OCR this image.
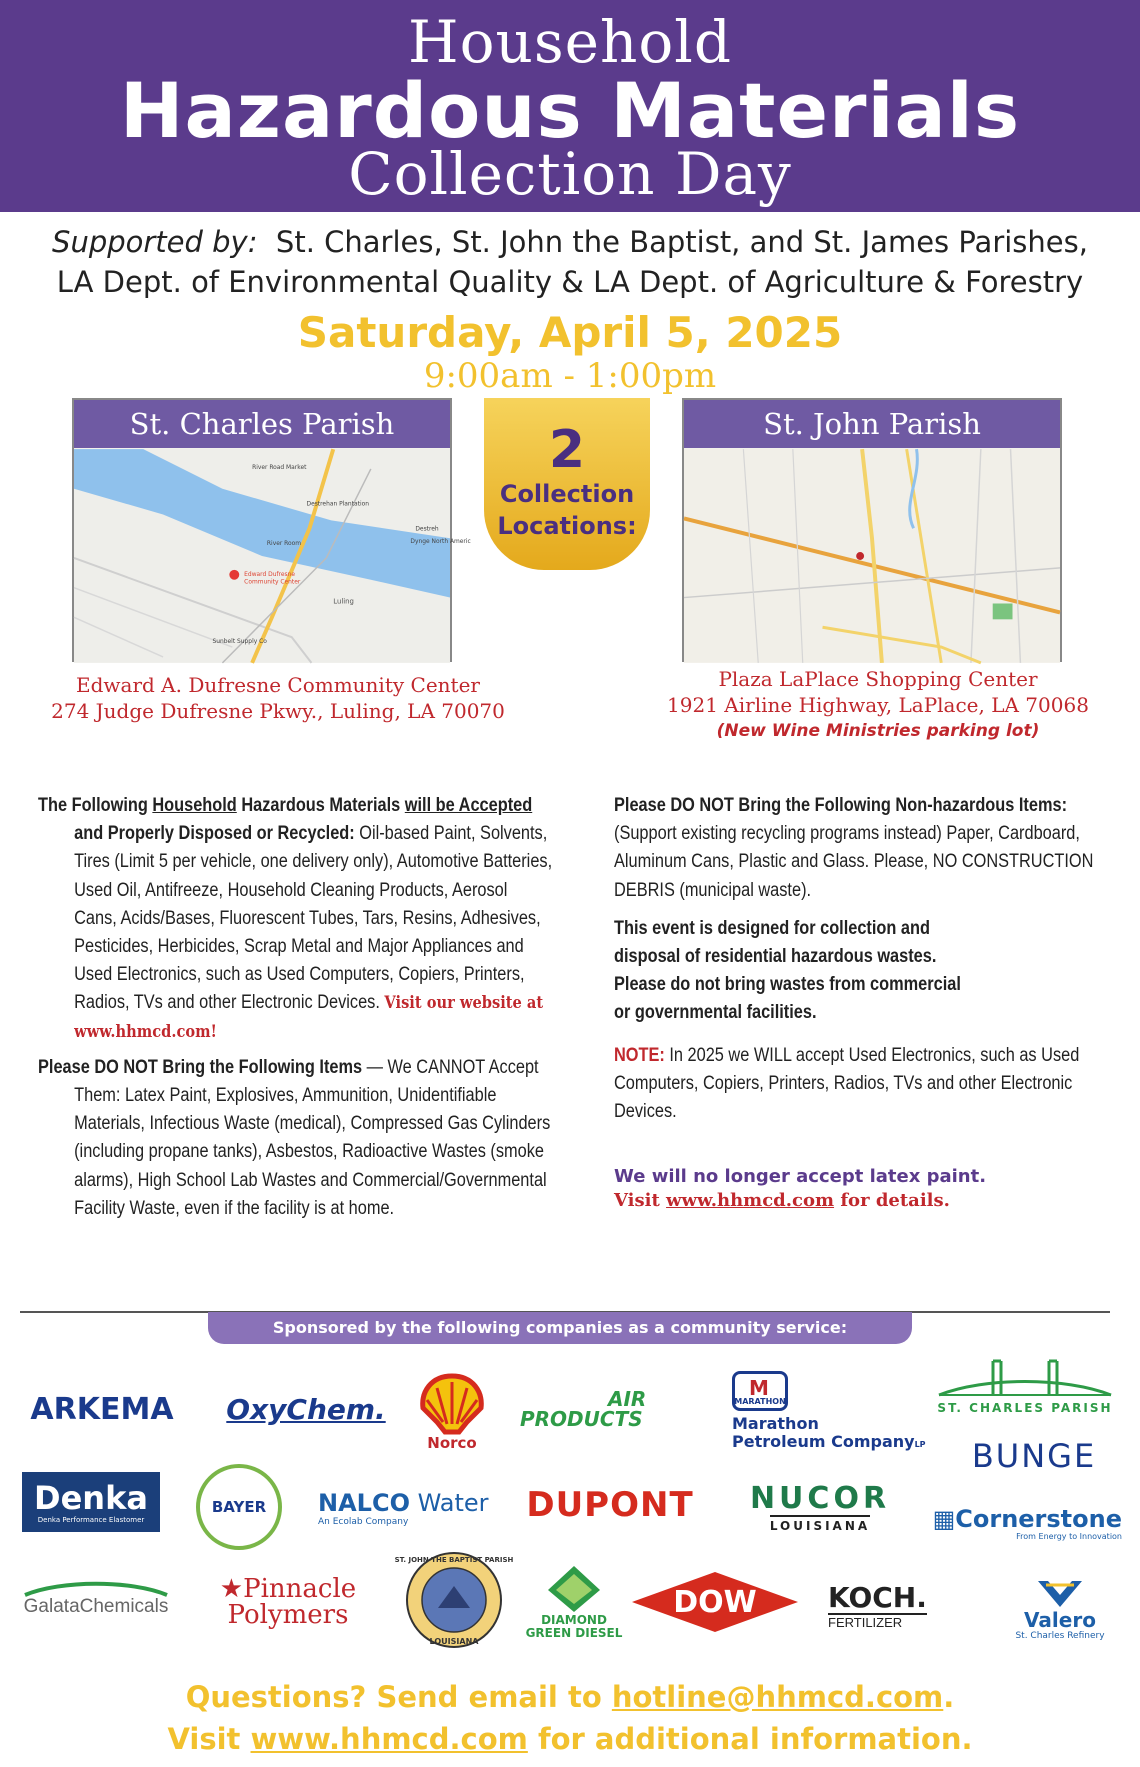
Household
Hazardous Materials
Collection Day
Supported by: St. Charles, St. John the Baptist, and St. James Parishes,
LA Dept. of Environmental Quality & LA Dept. of Agriculture & Forestry
Saturday, April 5, 2025
9:00am - 1:00pm
St. Charles Parish
River Road Market
Destrehan Plantation
River Room
Destreh
Dynge North Americ
Edward Dufresne
Community Center
Luling
Sunbelt Supply Co
2
Collection
Locations:
St. John Parish
Edward A. Dufresne Community Center
274 Judge Dufresne Pkwy., Luling, LA 70070
Plaza LaPlace Shopping Center
1921 Airline Highway, LaPlace, LA 70068
(New Wine Ministries parking lot)
The Following Household Hazardous Materials will be Accepted
and Properly Disposed or Recycled: Oil-based Paint, Solvents, Tires (Limit 5 per vehicle, one delivery only), Automotive Batteries, Used Oil, Antifreeze, Household Cleaning Products, Aerosol Cans, Acids/Bases, Fluorescent Tubes, Tars, Resins, Adhesives, Pesticides, Herbicides, Scrap Metal and Major Appliances and Used Electronics, such as Used Computers, Copiers, Printers, Radios, TVs and other Electronic Devices. Visit our website at www.hhmcd.com!
Please DO NOT Bring the Following Items — We CANNOT Accept Them: Latex Paint, Explosives, Ammunition, Unidentifiable Materials, Infectious Waste (medical), Compressed Gas Cylinders (including propane tanks), Asbestos, Radioactive Wastes (smoke alarms), High School Lab Wastes and Commercial/Governmental Facility Waste, even if the facility is at home.
Please DO NOT Bring the Following Non-hazardous Items:
(Support existing recycling programs instead) Paper, Cardboard, Aluminum Cans, Plastic and Glass. Please, NO CONSTRUCTION DEBRIS (municipal waste).
This event is designed for collection and disposal of residential hazardous wastes.
Please do not bring wastes from commercial or governmental facilities.
NOTE: In 2025 we WILL accept Used Electronics, such as Used Computers, Copiers, Printers, Radios, TVs and other Electronic Devices.
We will no longer accept latex paint.
Visit www.hhmcd.com for details.
Sponsored by the following companies as a community service:
ARKEMA	OxyChem.
Norco
AIR
PRODUCTS
M
MARATHON
Marathon
Petroleum CompanyLP
ST. CHARLES PARISH
BUNGE
Denka
Denka Performance Elastomer
BAYER	NALCO Water
An Ecolab Company	DUPONT NUCOR
LOUISIANA	▦Cornerstone
From Energy to Innovation
GalataChemicals
★Pinnacle
Polymers
ST. JOHN THE BAPTIST PARISH
LOUISIANA
DIAMOND
GREEN DIESEL
DOW	KOCH.
FERTILIZER	Valero
St. Charles Refinery
Questions? Send email to hotline@hhmcd.com.
Visit www.hhmcd.com for additional information.
